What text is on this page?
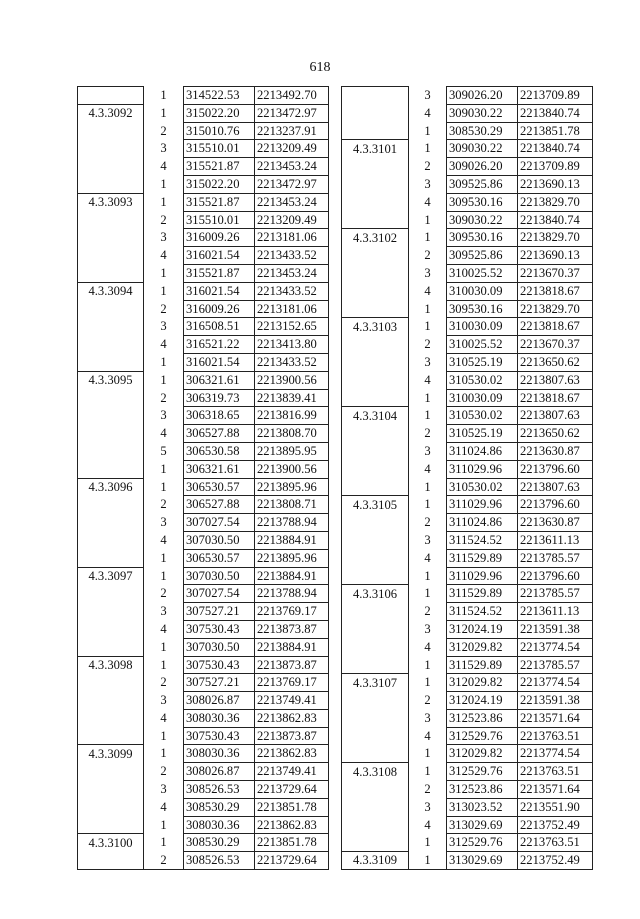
618
	1	314522.53	2213492.70
4.3.3092	1	315022.20	2213472.97
	2	315010.76	2213237.91
	3	315510.01	2213209.49
	4	315521.87	2213453.24
	1	315022.20	2213472.97
4.3.3093	1	315521.87	2213453.24
	2	315510.01	2213209.49
	3	316009.26	2213181.06
	4	316021.54	2213433.52
	1	315521.87	2213453.24
4.3.3094	1	316021.54	2213433.52
	2	316009.26	2213181.06
	3	316508.51	2213152.65
	4	316521.22	2213413.80
	1	316021.54	2213433.52
4.3.3095	1	306321.61	2213900.56
	2	306319.73	2213839.41
	3	306318.65	2213816.99
	4	306527.88	2213808.70
	5	306530.58	2213895.95
	1	306321.61	2213900.56
4.3.3096	1	306530.57	2213895.96
	2	306527.88	2213808.71
	3	307027.54	2213788.94
	4	307030.50	2213884.91
	1	306530.57	2213895.96
4.3.3097	1	307030.50	2213884.91
	2	307027.54	2213788.94
	3	307527.21	2213769.17
	4	307530.43	2213873.87
	1	307030.50	2213884.91
4.3.3098	1	307530.43	2213873.87
	2	307527.21	2213769.17
	3	308026.87	2213749.41
	4	308030.36	2213862.83
	1	307530.43	2213873.87
4.3.3099	1	308030.36	2213862.83
	2	308026.87	2213749.41
	3	308526.53	2213729.64
	4	308530.29	2213851.78
	1	308030.36	2213862.83
4.3.3100	1	308530.29	2213851.78
	2	308526.53	2213729.64
	3	309026.20	2213709.89
	4	309030.22	2213840.74
	1	308530.29	2213851.78
4.3.3101	1	309030.22	2213840.74
	2	309026.20	2213709.89
	3	309525.86	2213690.13
	4	309530.16	2213829.70
	1	309030.22	2213840.74
4.3.3102	1	309530.16	2213829.70
	2	309525.86	2213690.13
	3	310025.52	2213670.37
	4	310030.09	2213818.67
	1	309530.16	2213829.70
4.3.3103	1	310030.09	2213818.67
	2	310025.52	2213670.37
	3	310525.19	2213650.62
	4	310530.02	2213807.63
	1	310030.09	2213818.67
4.3.3104	1	310530.02	2213807.63
	2	310525.19	2213650.62
	3	311024.86	2213630.87
	4	311029.96	2213796.60
	1	310530.02	2213807.63
4.3.3105	1	311029.96	2213796.60
	2	311024.86	2213630.87
	3	311524.52	2213611.13
	4	311529.89	2213785.57
	1	311029.96	2213796.60
4.3.3106	1	311529.89	2213785.57
	2	311524.52	2213611.13
	3	312024.19	2213591.38
	4	312029.82	2213774.54
	1	311529.89	2213785.57
4.3.3107	1	312029.82	2213774.54
	2	312024.19	2213591.38
	3	312523.86	2213571.64
	4	312529.76	2213763.51
	1	312029.82	2213774.54
4.3.3108	1	312529.76	2213763.51
	2	312523.86	2213571.64
	3	313023.52	2213551.90
	4	313029.69	2213752.49
	1	312529.76	2213763.51
4.3.3109	1	313029.69	2213752.49
